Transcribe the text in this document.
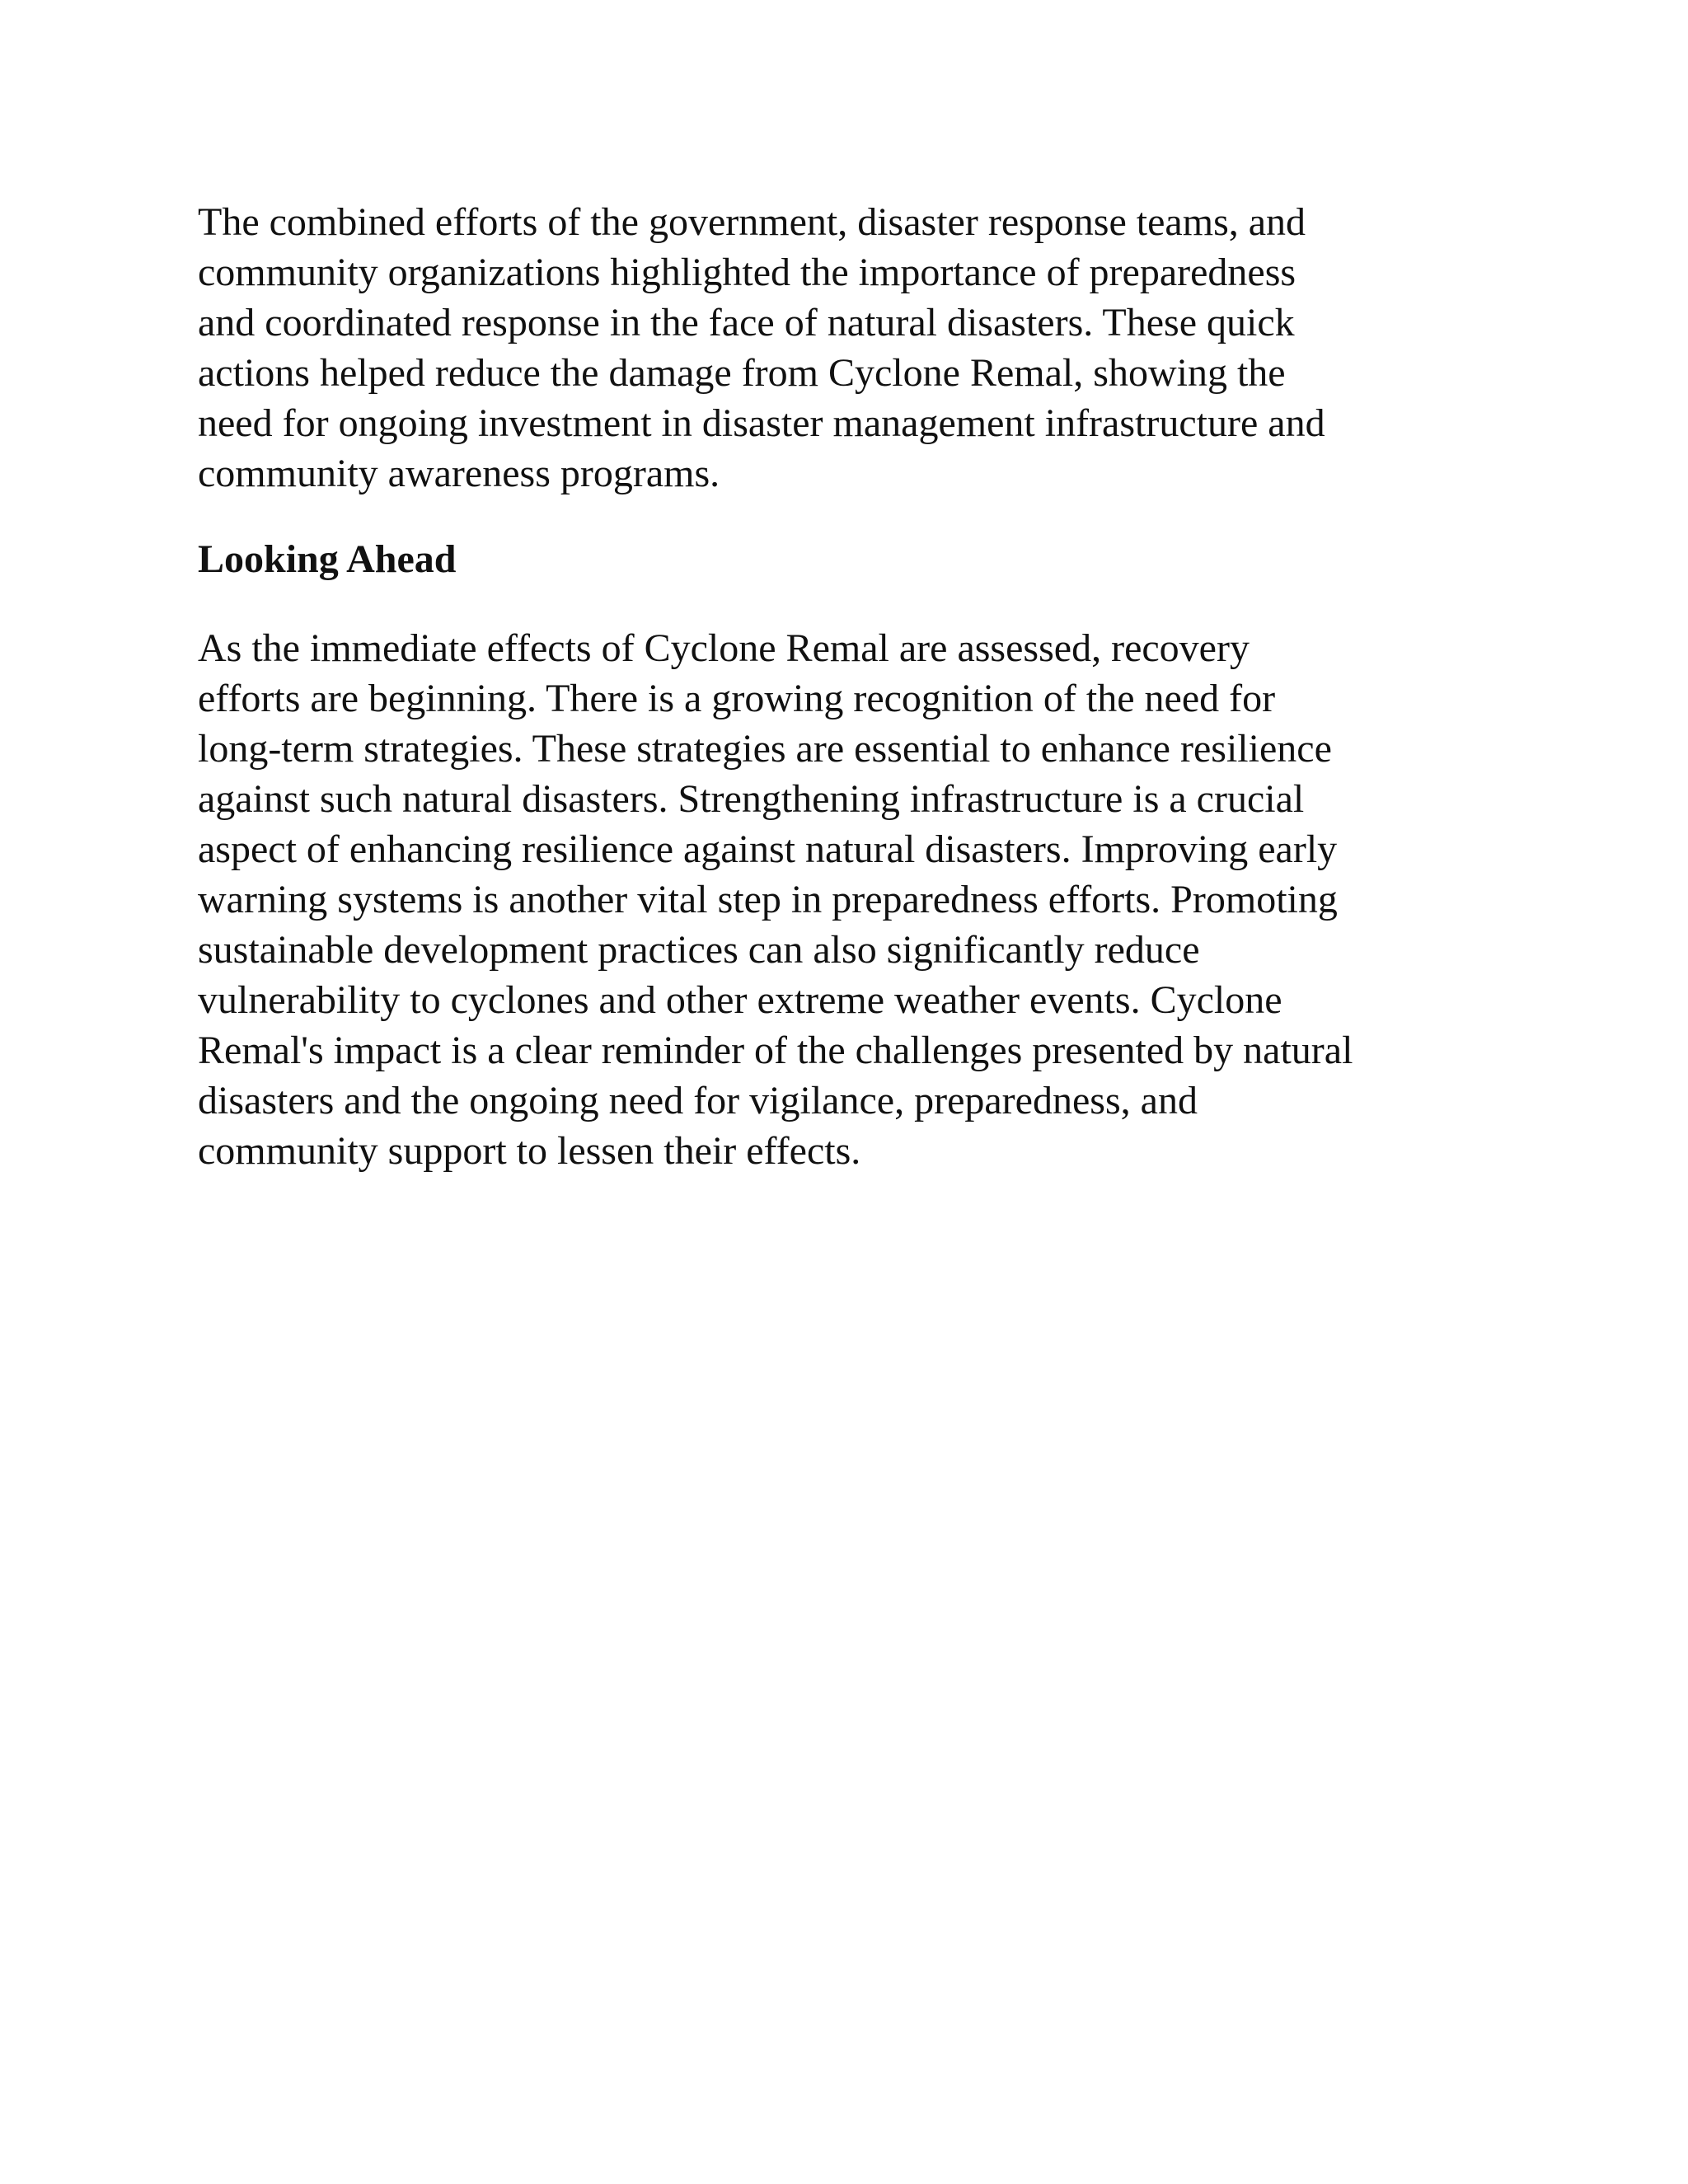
The combined efforts of the government, disaster response teams, and
community organizations highlighted the importance of preparedness
and coordinated response in the face of natural disasters. These quick
actions helped reduce the damage from Cyclone Remal, showing the
need for ongoing investment in disaster management infrastructure and
community awareness programs.

Looking Ahead

As the immediate effects of Cyclone Remal are assessed, recovery
efforts are beginning. There is a growing recognition of the need for
long-term strategies. These strategies are essential to enhance resilience
against such natural disasters. Strengthening infrastructure is a crucial
aspect of enhancing resilience against natural disasters. Improving early
warning systems is another vital step in preparedness efforts. Promoting
sustainable development practices can also significantly reduce
vulnerability to cyclones and other extreme weather events. Cyclone
Remal's impact is a clear reminder of the challenges presented by natural
disasters and the ongoing need for vigilance, preparedness, and
community support to lessen their effects.
